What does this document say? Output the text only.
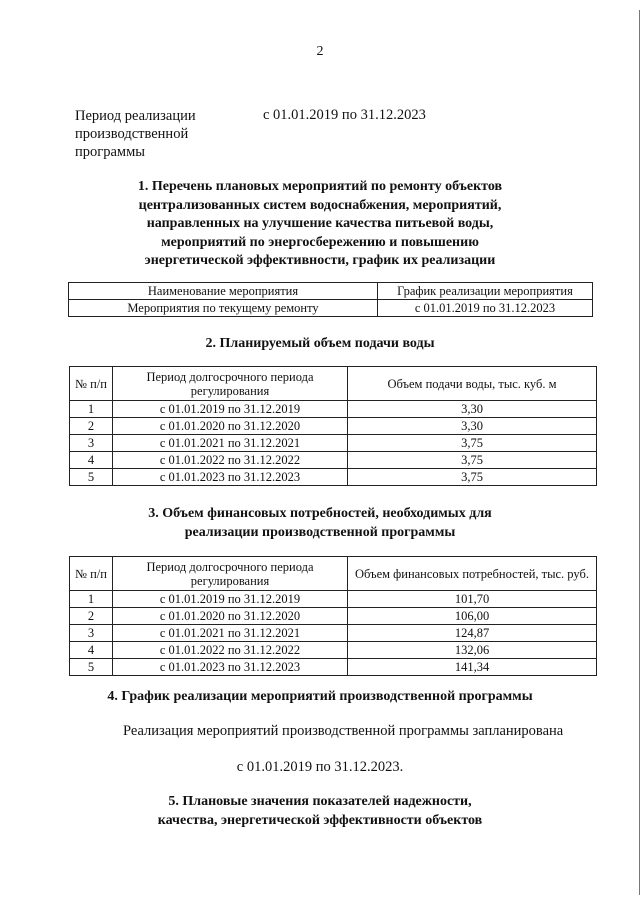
2
Период реализации
производственной
программы
с 01.01.2019 по 31.12.2023
1. Перечень плановых мероприятий по ремонту объектов
централизованных систем водоснабжения, мероприятий,
направленных на улучшение качества питьевой воды,
мероприятий по энергосбережению и повышению
энергетической эффективности, график их реализации
Наименование мероприятия	График реализации мероприятия
Мероприятия по текущему ремонту	с 01.01.2019 по 31.12.2023
2. Планируемый объем подачи воды
№ п/п	Период долгосрочного периода регулирования	Объем подачи воды, тыс. куб. м
1	с 01.01.2019 по 31.12.2019	3,30
2	с 01.01.2020 по 31.12.2020	3,30
3	с 01.01.2021 по 31.12.2021	3,75
4	с 01.01.2022 по 31.12.2022	3,75
5	с 01.01.2023 по 31.12.2023	3,75
3. Объем финансовых потребностей, необходимых для
реализации производственной программы
№ п/п	Период долгосрочного периода регулирования	Объем финансовых потребностей, тыс. руб.
1	с 01.01.2019 по 31.12.2019	101,70
2	с 01.01.2020 по 31.12.2020	106,00
3	с 01.01.2021 по 31.12.2021	124,87
4	с 01.01.2022 по 31.12.2022	132,06
5	с 01.01.2023 по 31.12.2023	141,34
4. График реализации мероприятий производственной программы
Реализация мероприятий производственной программы запланирована
с 01.01.2019 по 31.12.2023.
5. Плановые значения показателей надежности,
качества, энергетической эффективности объектов
